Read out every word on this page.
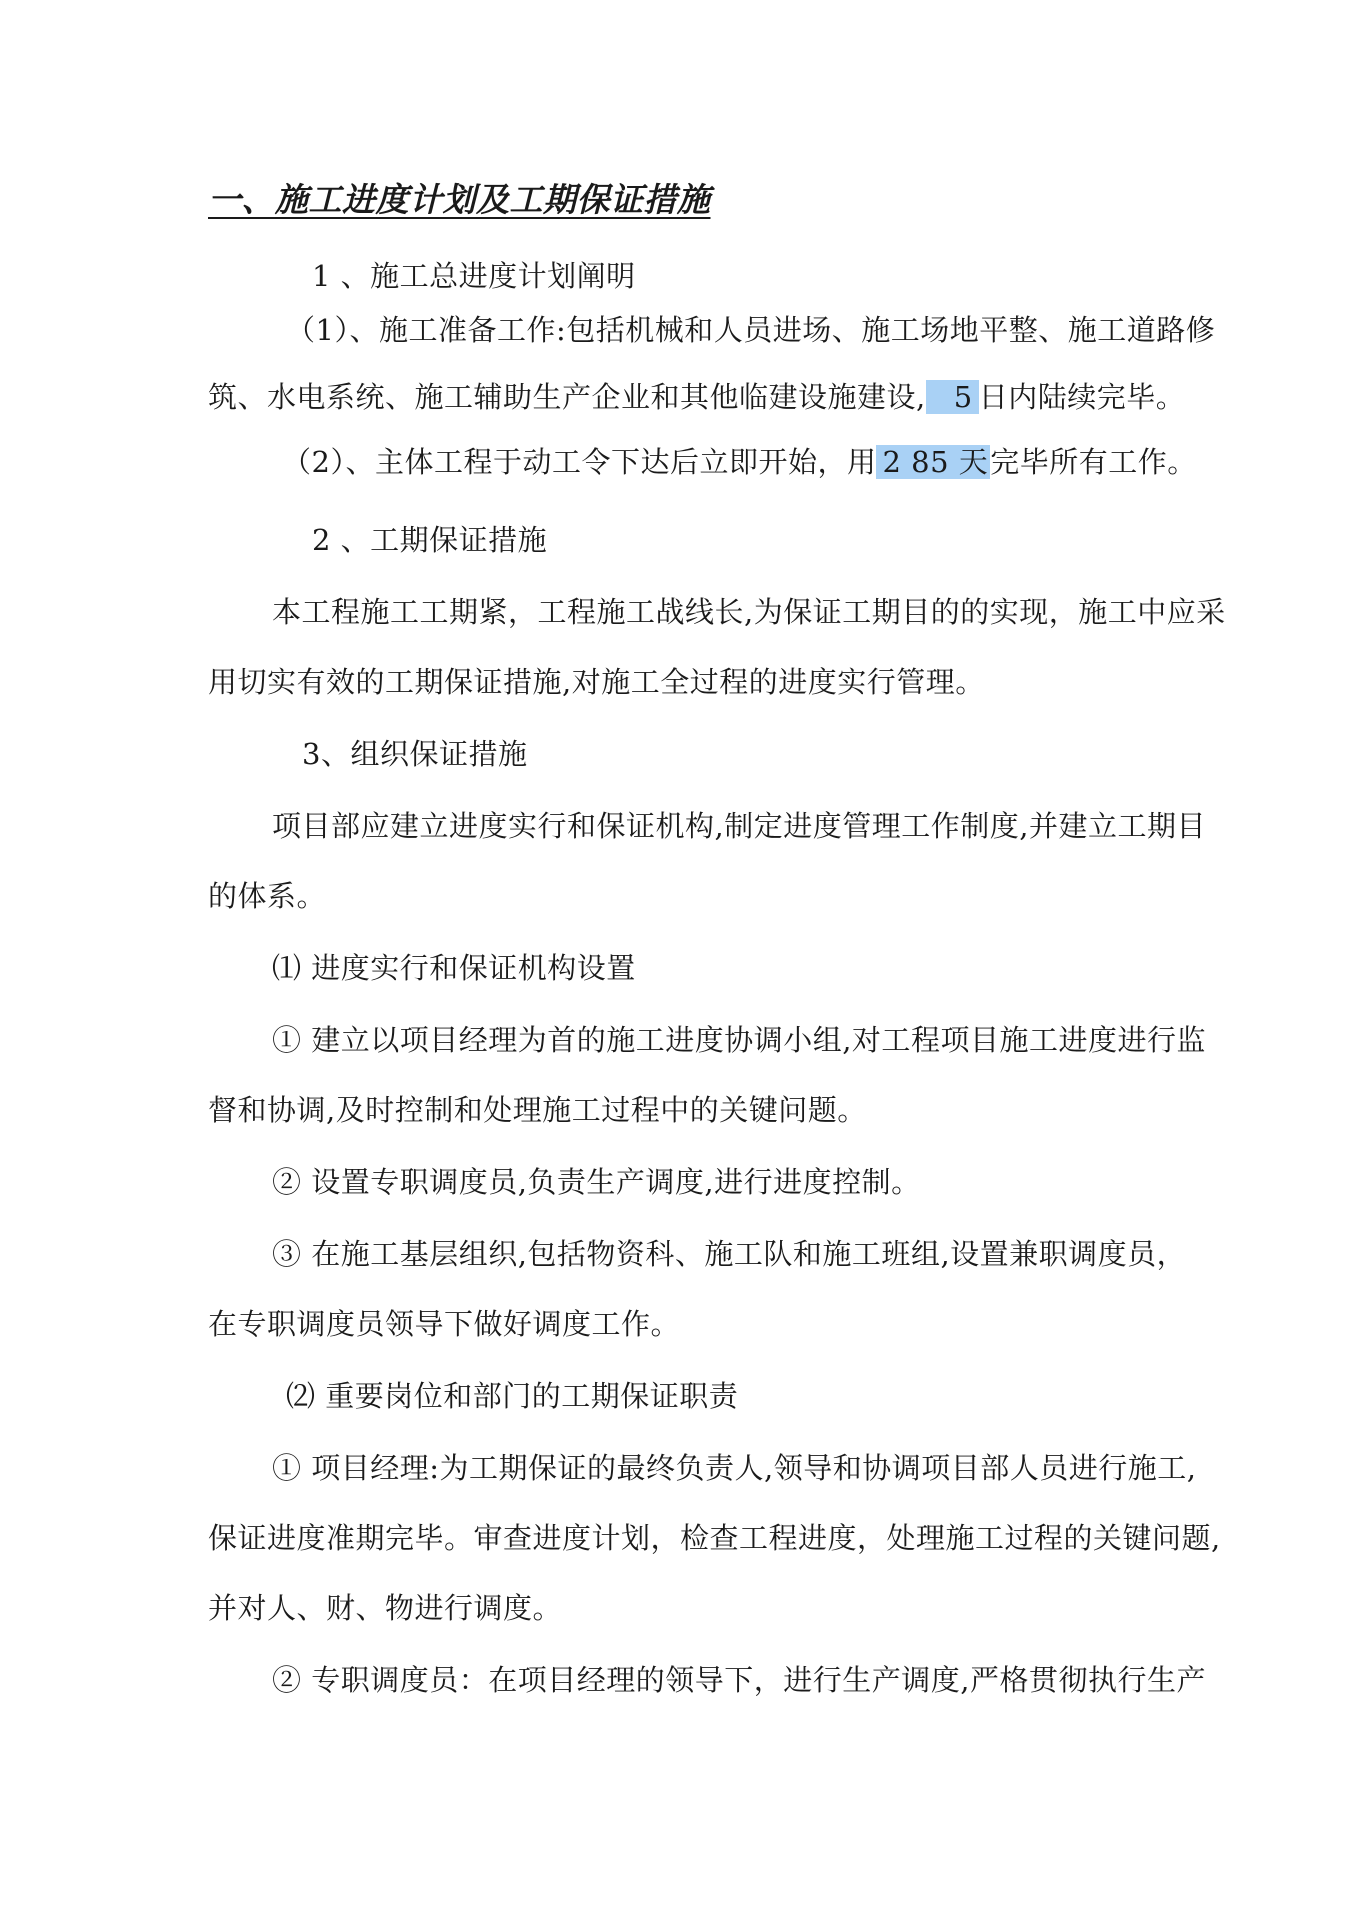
一、施工进度计划及工期保证措施
1 、施工总进度计划阐明
（1）、施工准备工作:包括机械和人员进场、施工场地平整、施工道路修
筑、水电系统、施工辅助生产企业和其他临建设施建设, 5 日内陆续完毕。
（2）、主体工程于动工令下达后立即开始，用 2 85 天完毕所有工作。
2 、工期保证措施
本工程施工工期紧，工程施工战线长,为保证工期目的的实现，施工中应采
用切实有效的工期保证措施,对施工全过程的进度实行管理。
3、组织保证措施
项目部应建立进度实行和保证机构,制定进度管理工作制度,并建立工期目
的体系。
⑴ 进度实行和保证机构设置
① 建立以项目经理为首的施工进度协调小组,对工程项目施工进度进行监
督和协调,及时控制和处理施工过程中的关键问题。
② 设置专职调度员,负责生产调度,进行进度控制。
③ 在施工基层组织,包括物资科、施工队和施工班组,设置兼职调度员，
在专职调度员领导下做好调度工作。
⑵ 重要岗位和部门的工期保证职责
① 项目经理:为工期保证的最终负责人,领导和协调项目部人员进行施工,
保证进度准期完毕。审查进度计划，检查工程进度，处理施工过程的关键问题,
并对人、财、物进行调度。
② 专职调度员：在项目经理的领导下，进行生产调度,严格贯彻执行生产
